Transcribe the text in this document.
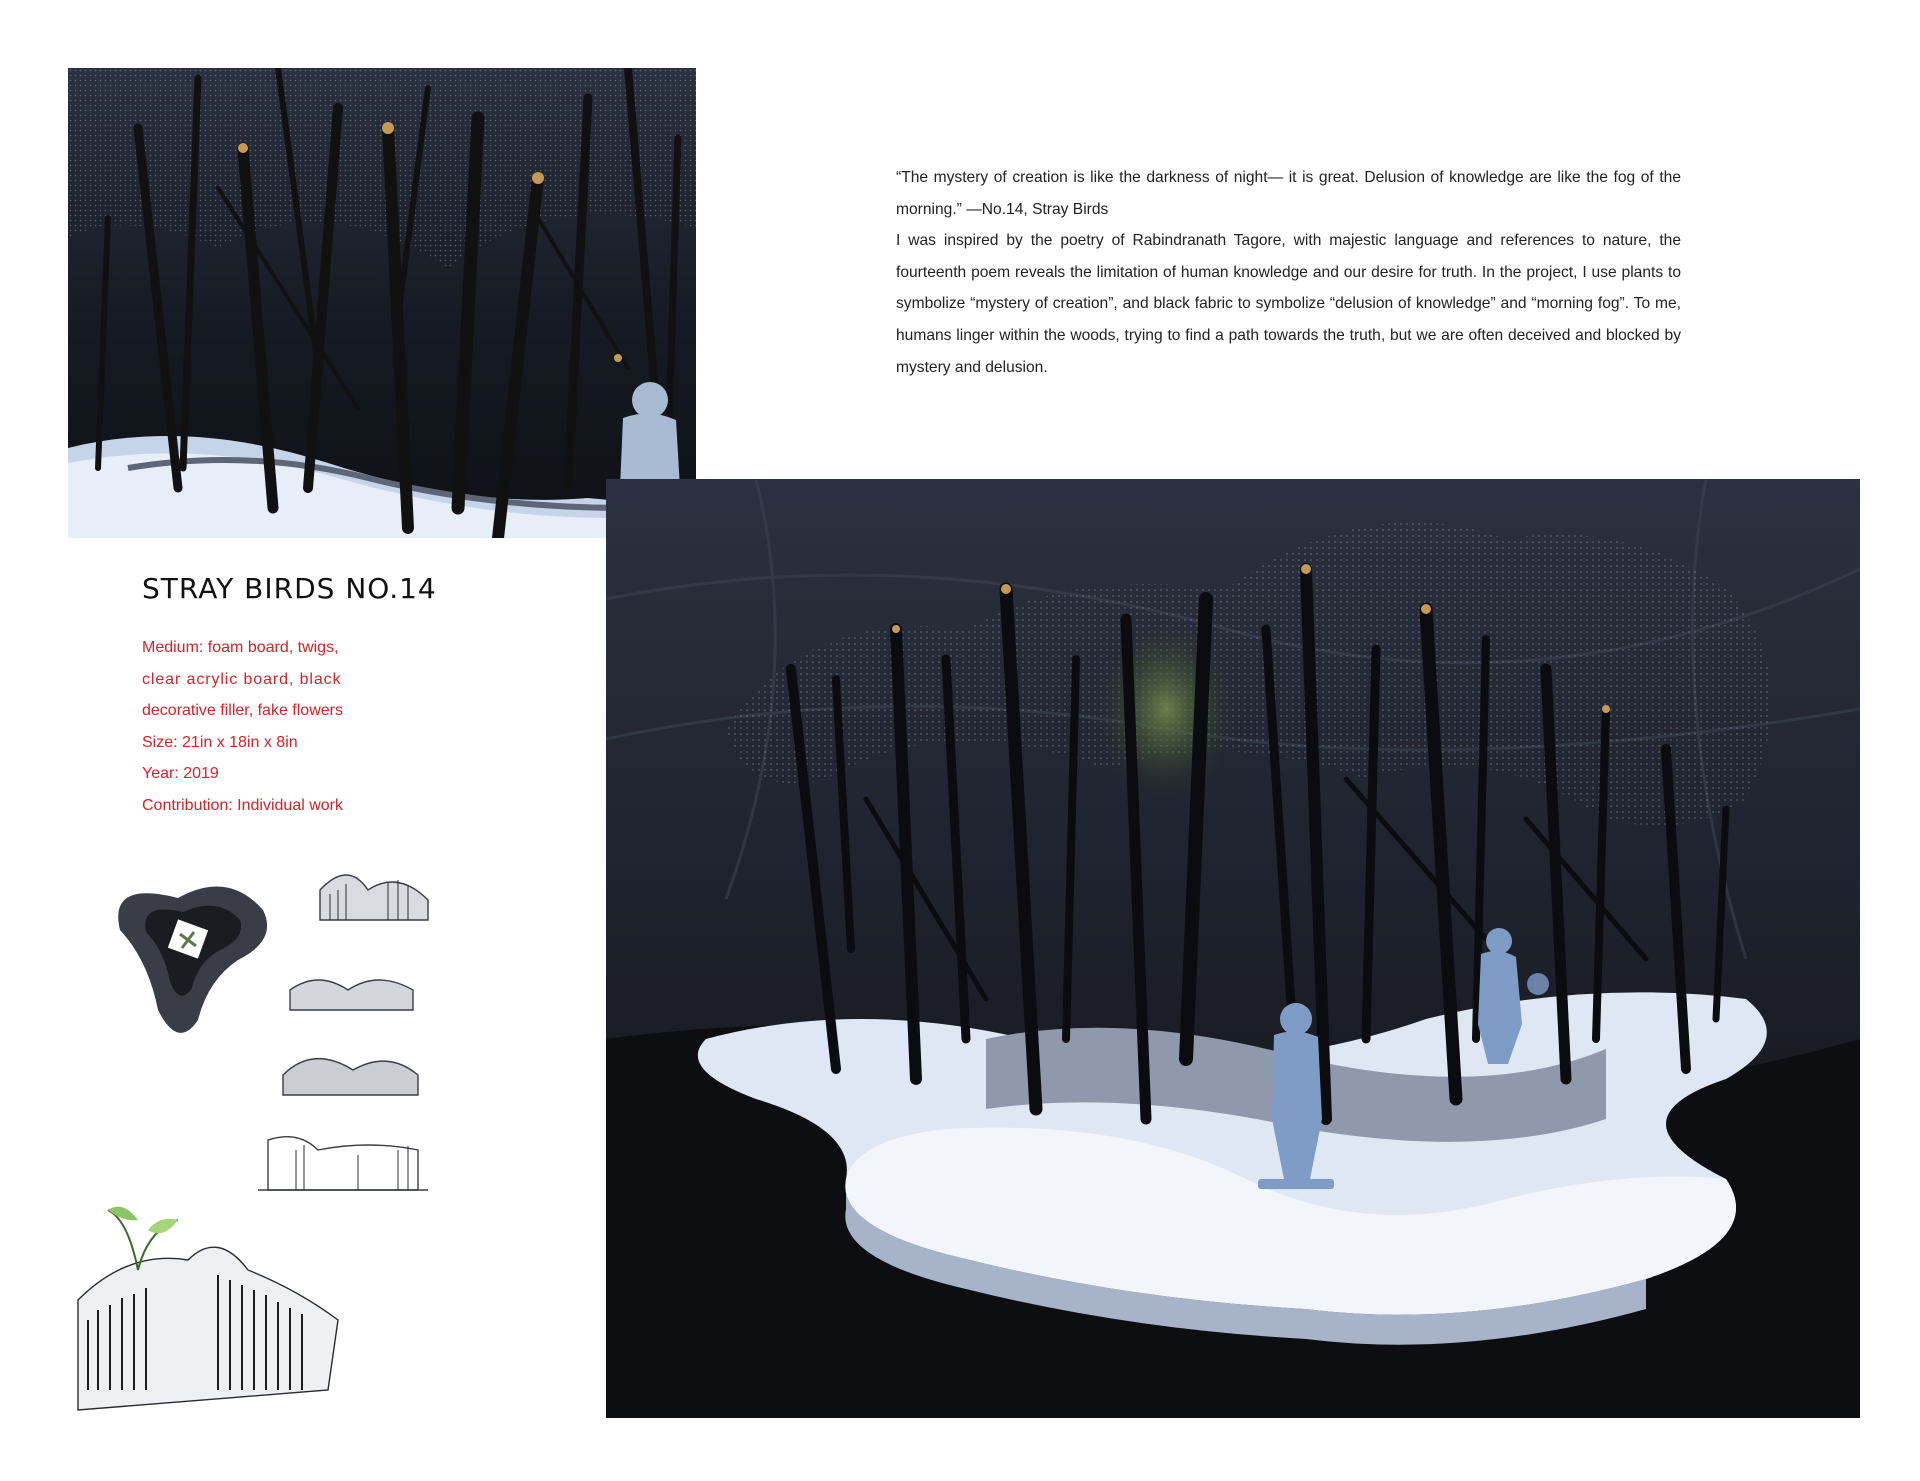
“The mystery of creation is like the darkness of night— it is great. Delusion of knowledge are like the fog of the morning.” —No.14, Stray Birds

I was inspired by the poetry of Rabindranath Tagore, with majestic language and references to nature, the fourteenth poem reveals the limitation of human knowledge and our desire for truth. In the project, I use plants to symbolize “mystery of creation”, and black fabric to symbolize “delusion of knowledge” and “morning fog”. To me, humans linger within the woods, trying to find a path towards the truth, but we are often deceived and blocked by mystery and delusion.

STRAY BIRDS NO.14
Medium: foam board, twigs,
clear acrylic board, black
decorative filler, fake flowers
Size: 21in x 18in x 8in
Year: 2019
Contribution: Individual work
